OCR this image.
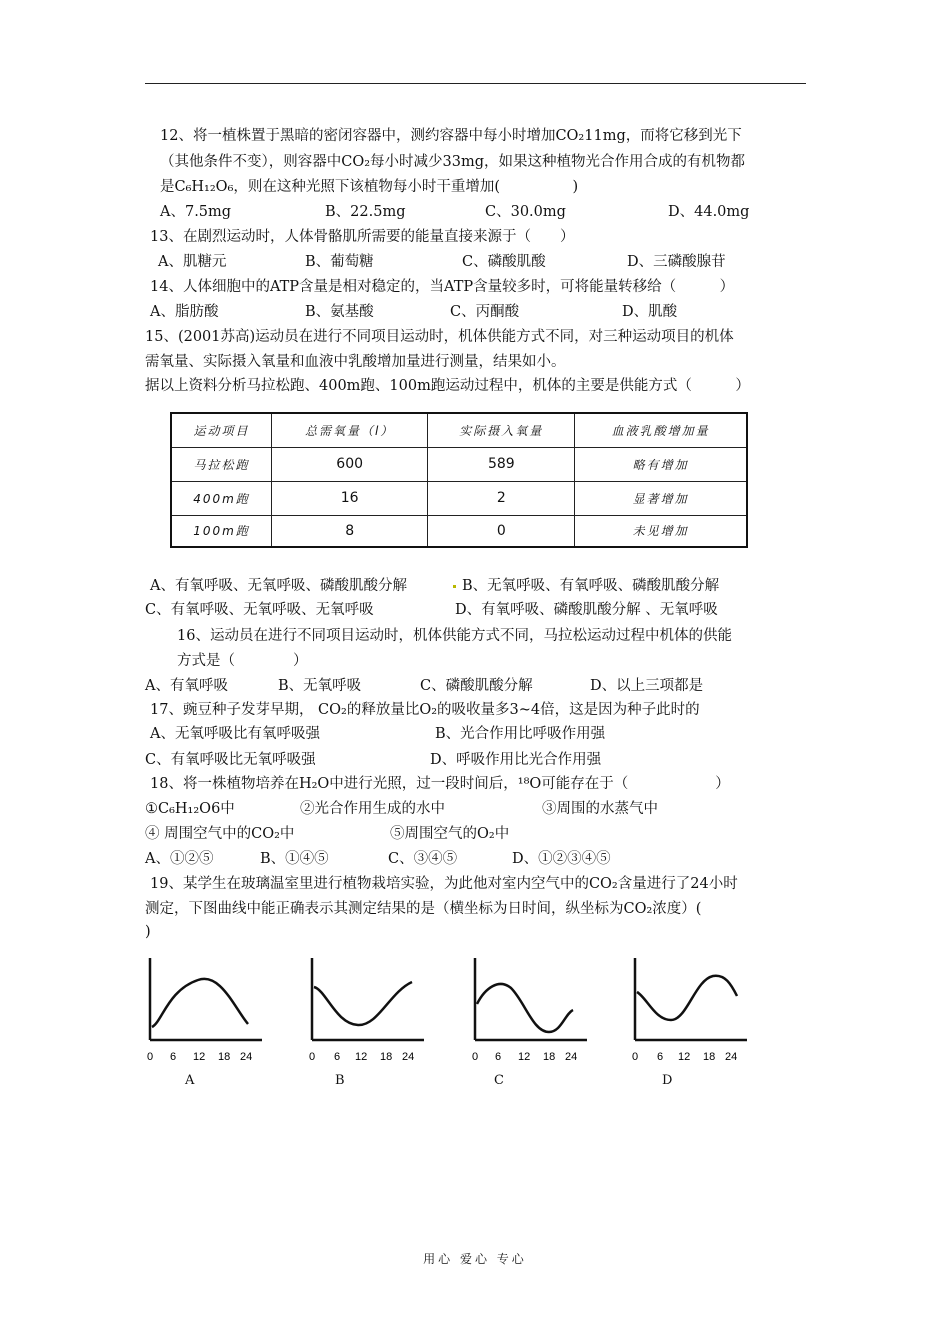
12、将一植株置于黑暗的密闭容器中，测约容器中每小时增加CO₂11mg，而将它移到光下
（其他条件不变），则容器中CO₂每小时减少33mg，如果这种植物光合作用合成的有机物都
是C₆H₁₂O₆，则在这种光照下该植物每小时干重增加(　　　　　)
A、7.5mg	B、22.5mg	C、30.0mg	D、44.0mg
13、在剧烈运动时，人体骨骼肌所需要的能量直接来源于（　　）
A、肌糖元	B、葡萄糖	C、磷酸肌酸	D、三磷酸腺苷
14、人体细胞中的ATP含量是相对稳定的，当ATP含量较多时，可将能量转移给（　　　）
A、脂肪酸	B、氨基酸	C、丙酮酸	D、肌酸
15、(2001苏高)运动员在进行不同项目运动时，机体供能方式不同，对三种运动项目的机体
需氧量、实际摄入氧量和血液中乳酸增加量进行测量，结果如小。
据以上资料分析马拉松跑、400m跑、100m跑运动过程中，机体的主要是供能方式（　　　）
运动项目	总需氧量（l）	实际摄入氧量	血液乳酸增加量
马拉松跑	600	589	略有增加
400m跑	16	2	显著增加
100m跑	8	0	未见增加
A、有氧呼吸、无氧呼吸、磷酸肌酸分解	B、无氧呼吸、有氧呼吸、磷酸肌酸分解
C、有氧呼吸、无氧呼吸、无氧呼吸	D、有氧呼吸、磷酸肌酸分解 、无氧呼吸
16、运动员在进行不同项目运动时，机体供能方式不同，马拉松运动过程中机体的供能
方式是（　　　　）
A、有氧呼吸	B、无氧呼吸	C、磷酸肌酸分解	D、以上三项都是
17、豌豆种子发芽早期， CO₂的释放量比O₂的吸收量多3~4倍，这是因为种子此时的
A、无氧呼吸比有氧呼吸强	B、光合作用比呼吸作用强
C、有氧呼吸比无氧呼吸强	D、呼吸作用比光合作用强
18、将一株植物培养在H₂O中进行光照，过一段时间后，¹⁸O可能存在于（　　　　　　）
①C₆H₁₂O6中	②光合作用生成的水中	③周围的水蒸气中
④ 周围空气中的CO₂中	⑤周围空气的O₂中
A、①②⑤	B、①④⑤	C、③④⑤	D、①②③④⑤
19、某学生在玻璃温室里进行植物栽培实验，为此他对室内空气中的CO₂含量进行了24小时
测定，下图曲线中能正确表示其测定结果的是（横坐标为日时间，纵坐标为CO₂浓度）(
)
0 6 12 18 24
A
0 6 12 18 24
B
0 6 12 18 24
C
0 6 12 18 24
D
用心 爱心 专心
